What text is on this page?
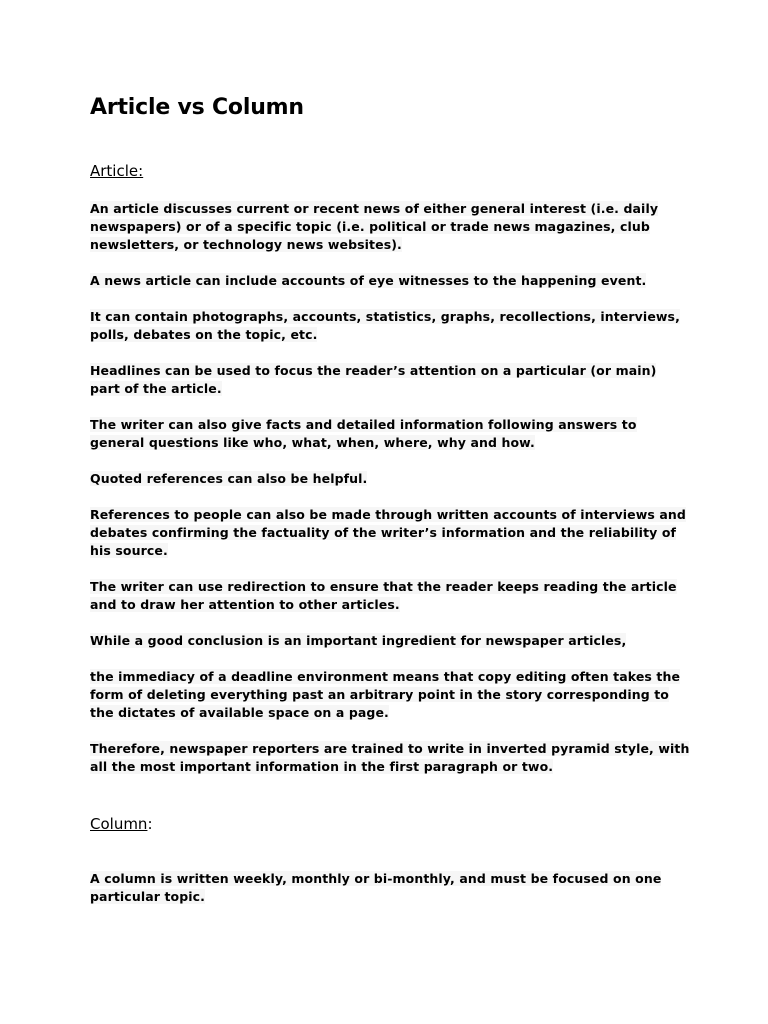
Article vs Column
Article:

An article discusses current or recent news of either general interest (i.e. daily newspapers) or of a specific topic (i.e. political or trade news magazines, club newsletters, or technology news websites).

A news article can include accounts of eye witnesses to the happening event.

It can contain photographs, accounts, statistics, graphs, recollections, interviews, polls, debates on the topic, etc.

Headlines can be used to focus the reader’s attention on a particular (or main) part of the article.

The writer can also give facts and detailed information following answers to general questions like who, what, when, where, why and how.

Quoted references can also be helpful.

References to people can also be made through written accounts of interviews and debates confirming the factuality of the writer’s information and the reliability of his source.

The writer can use redirection to ensure that the reader keeps reading the article and to draw her attention to other articles.

While a good conclusion is an important ingredient for newspaper articles,

the immediacy of a deadline environment means that copy editing often takes the form of deleting everything past an arbitrary point in the story corresponding to the dictates of available space on a page.

Therefore, newspaper reporters are trained to write in inverted pyramid style, with all the most important information in the first paragraph or two.

Column:

A column is written weekly, monthly or bi-monthly, and must be focused on one particular topic.
